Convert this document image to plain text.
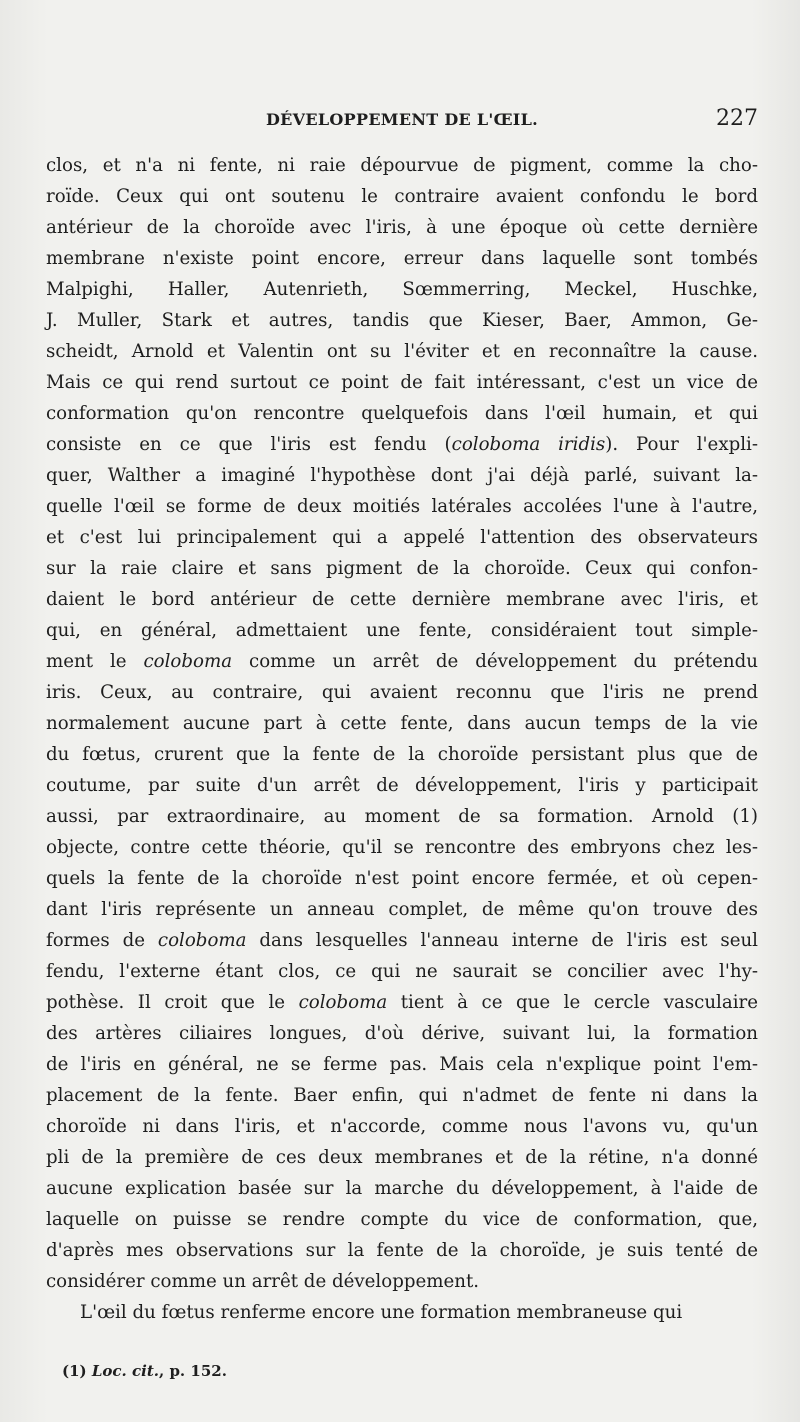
DÉVELOPPEMENT DE L'ŒIL.	227
clos, et n'a ni fente, ni raie dépourvue de pigment, comme la cho-
roïde. Ceux qui ont soutenu le contraire avaient confondu le bord
antérieur de la choroïde avec l'iris, à une époque où cette dernière
membrane n'existe point encore, erreur dans laquelle sont tombés
Malpighi, Haller, Autenrieth, Sœmmerring, Meckel, Huschke,
J. Muller, Stark et autres, tandis que Kieser, Baer, Ammon, Ge-
scheidt, Arnold et Valentin ont su l'éviter et en reconnaître la cause.
Mais ce qui rend surtout ce point de fait intéressant, c'est un vice de
conformation qu'on rencontre quelquefois dans l'œil humain, et qui
consiste en ce que l'iris est fendu (coloboma iridis). Pour l'expli-
quer, Walther a imaginé l'hypothèse dont j'ai déjà parlé, suivant la-
quelle l'œil se forme de deux moitiés latérales accolées l'une à l'autre,
et c'est lui principalement qui a appelé l'attention des observateurs
sur la raie claire et sans pigment de la choroïde. Ceux qui confon-
daient le bord antérieur de cette dernière membrane avec l'iris, et
qui, en général, admettaient une fente, considéraient tout simple-
ment le coloboma comme un arrêt de développement du prétendu
iris. Ceux, au contraire, qui avaient reconnu que l'iris ne prend
normalement aucune part à cette fente, dans aucun temps de la vie
du fœtus, crurent que la fente de la choroïde persistant plus que de
coutume, par suite d'un arrêt de développement, l'iris y participait
aussi, par extraordinaire, au moment de sa formation. Arnold (1)
objecte, contre cette théorie, qu'il se rencontre des embryons chez les-
quels la fente de la choroïde n'est point encore fermée, et où cepen-
dant l'iris représente un anneau complet, de même qu'on trouve des
formes de coloboma dans lesquelles l'anneau interne de l'iris est seul
fendu, l'externe étant clos, ce qui ne saurait se concilier avec l'hy-
pothèse. Il croit que le coloboma tient à ce que le cercle vasculaire
des artères ciliaires longues, d'où dérive, suivant lui, la formation
de l'iris en général, ne se ferme pas. Mais cela n'explique point l'em-
placement de la fente. Baer enfin, qui n'admet de fente ni dans la
choroïde ni dans l'iris, et n'accorde, comme nous l'avons vu, qu'un
pli de la première de ces deux membranes et de la rétine, n'a donné
aucune explication basée sur la marche du développement, à l'aide de
laquelle on puisse se rendre compte du vice de conformation, que,
d'après mes observations sur la fente de la choroïde, je suis tenté de
considérer comme un arrêt de développement.
L'œil du fœtus renferme encore une formation membraneuse qui
(1) Loc. cit., p. 152.
